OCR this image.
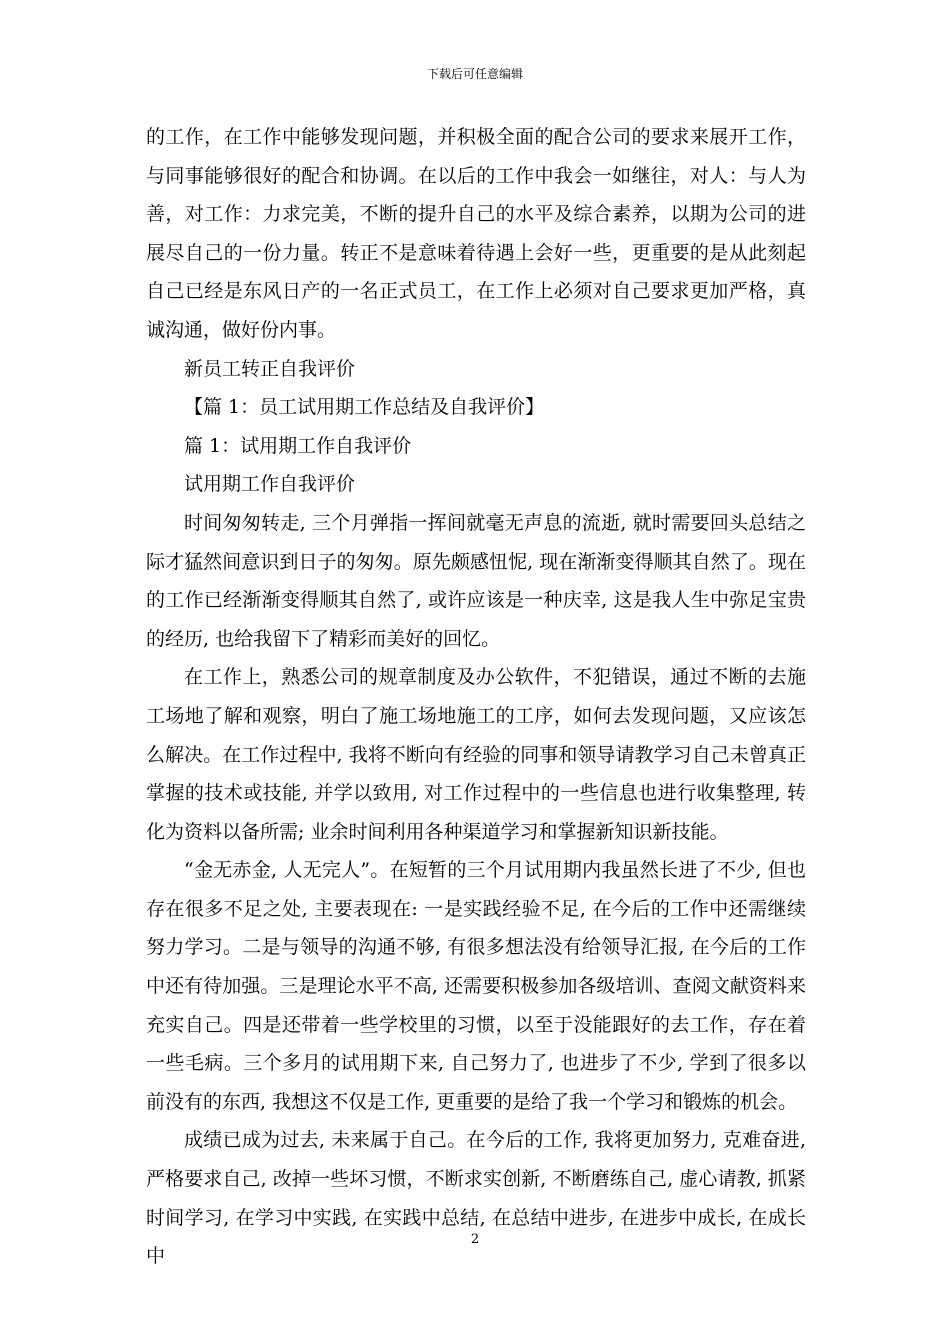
下载后可任意编辑

的工作，在工作中能够发现问题，并积极全面的配合公司的要求来展开工作，与同事能够很好的配合和协调。在以后的工作中我会一如继往，对人：与人为善，对工作：力求完美，不断的提升自己的水平及综合素养，以期为公司的进展尽自己的一份力量。转正不是意味着待遇上会好一些，更重要的是从此刻起自己已经是东风日产的一名正式员工，在工作上必须对自己要求更加严格，真诚沟通，做好份内事。

新员工转正自我评价

【篇 1：员工试用期工作总结及自我评价】

篇 1：试用期工作自我评价

试用期工作自我评价

时间匆匆转走, 三个月弹指一挥间就毫无声息的流逝, 就时需要回头总结之际才猛然间意识到日子的匆匆。原先颇感忸怩, 现在渐渐变得顺其自然了。现在的工作已经渐渐变得顺其自然了, 或许应该是一种庆幸, 这是我人生中弥足宝贵的经历, 也给我留下了精彩而美好的回忆。

在工作上，熟悉公司的规章制度及办公软件，不犯错误，通过不断的去施工场地了解和观察，明白了施工场地施工的工序，如何去发现问题，又应该怎么解决。在工作过程中, 我将不断向有经验的同事和领导请教学习自己未曾真正掌握的技术或技能, 并学以致用, 对工作过程中的一些信息也进行收集整理, 转化为资料以备所需; 业余时间利用各种渠道学习和掌握新知识新技能。

“金无赤金, 人无完人”。在短暂的三个月试用期内我虽然长进了不少, 但也存在很多不足之处, 主要表现在: 一是实践经验不足, 在今后的工作中还需继续努力学习。二是与领导的沟通不够, 有很多想法没有给领导汇报, 在今后的工作中还有待加强。三是理论水平不高, 还需要积极参加各级培训、查阅文献资料来充实自己。四是还带着一些学校里的习惯，以至于没能跟好的去工作，存在着一些毛病。三个多月的试用期下来, 自己努力了, 也进步了不少, 学到了很多以前没有的东西, 我想这不仅是工作, 更重要的是给了我一个学习和锻炼的机会。

成绩已成为过去, 未来属于自己。在今后的工作, 我将更加努力, 克难奋进, 严格要求自己, 改掉一些坏习惯，不断求实创新, 不断磨练自己, 虚心请教, 抓紧时间学习, 在学习中实践, 在实践中总结, 在总结中进步, 在进步中成长, 在成长中

2
